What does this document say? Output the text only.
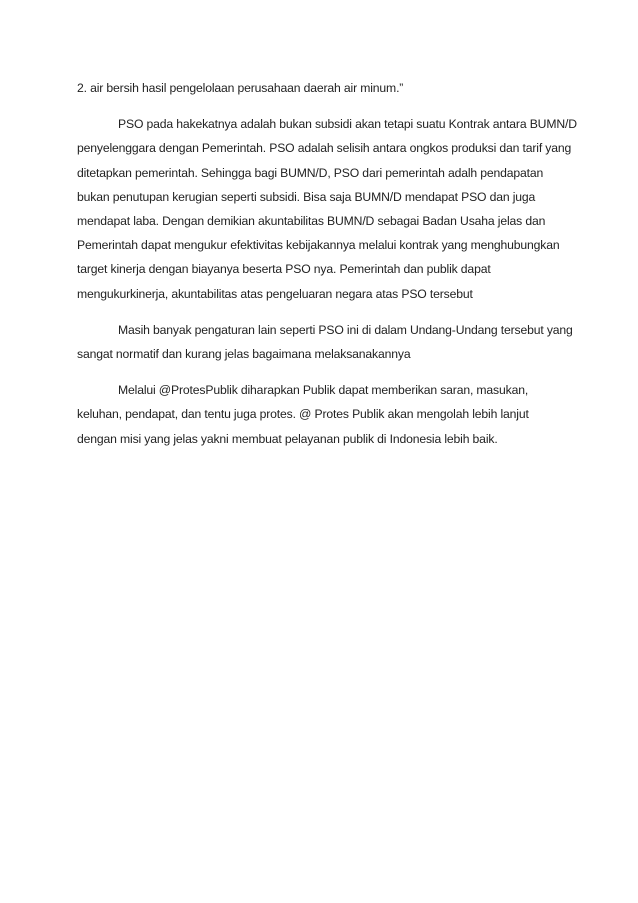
2. air bersih hasil pengelolaan perusahaan daerah air minum.”
PSO pada hakekatnya adalah bukan subsidi akan tetapi suatu Kontrak antara BUMN/D
penyelenggara dengan Pemerintah. PSO adalah selisih antara ongkos produksi dan tarif yang
ditetapkan pemerintah. Sehingga bagi BUMN/D, PSO dari pemerintah adalh pendapatan
bukan penutupan kerugian seperti subsidi. Bisa saja BUMN/D mendapat PSO dan juga
mendapat laba. Dengan demikian akuntabilitas BUMN/D sebagai Badan Usaha jelas dan
Pemerintah dapat mengukur efektivitas kebijakannya melalui kontrak yang menghubungkan
target kinerja dengan biayanya beserta PSO nya. Pemerintah dan publik dapat
mengukurkinerja, akuntabilitas atas pengeluaran negara atas PSO tersebut
Masih banyak pengaturan lain seperti PSO ini di dalam Undang-Undang tersebut yang
sangat normatif dan kurang jelas bagaimana melaksanakannya
Melalui @ProtesPublik diharapkan Publik dapat memberikan saran, masukan,
keluhan, pendapat, dan tentu juga protes. @ Protes Publik akan mengolah lebih lanjut
dengan misi yang jelas yakni membuat pelayanan publik di Indonesia lebih baik.
